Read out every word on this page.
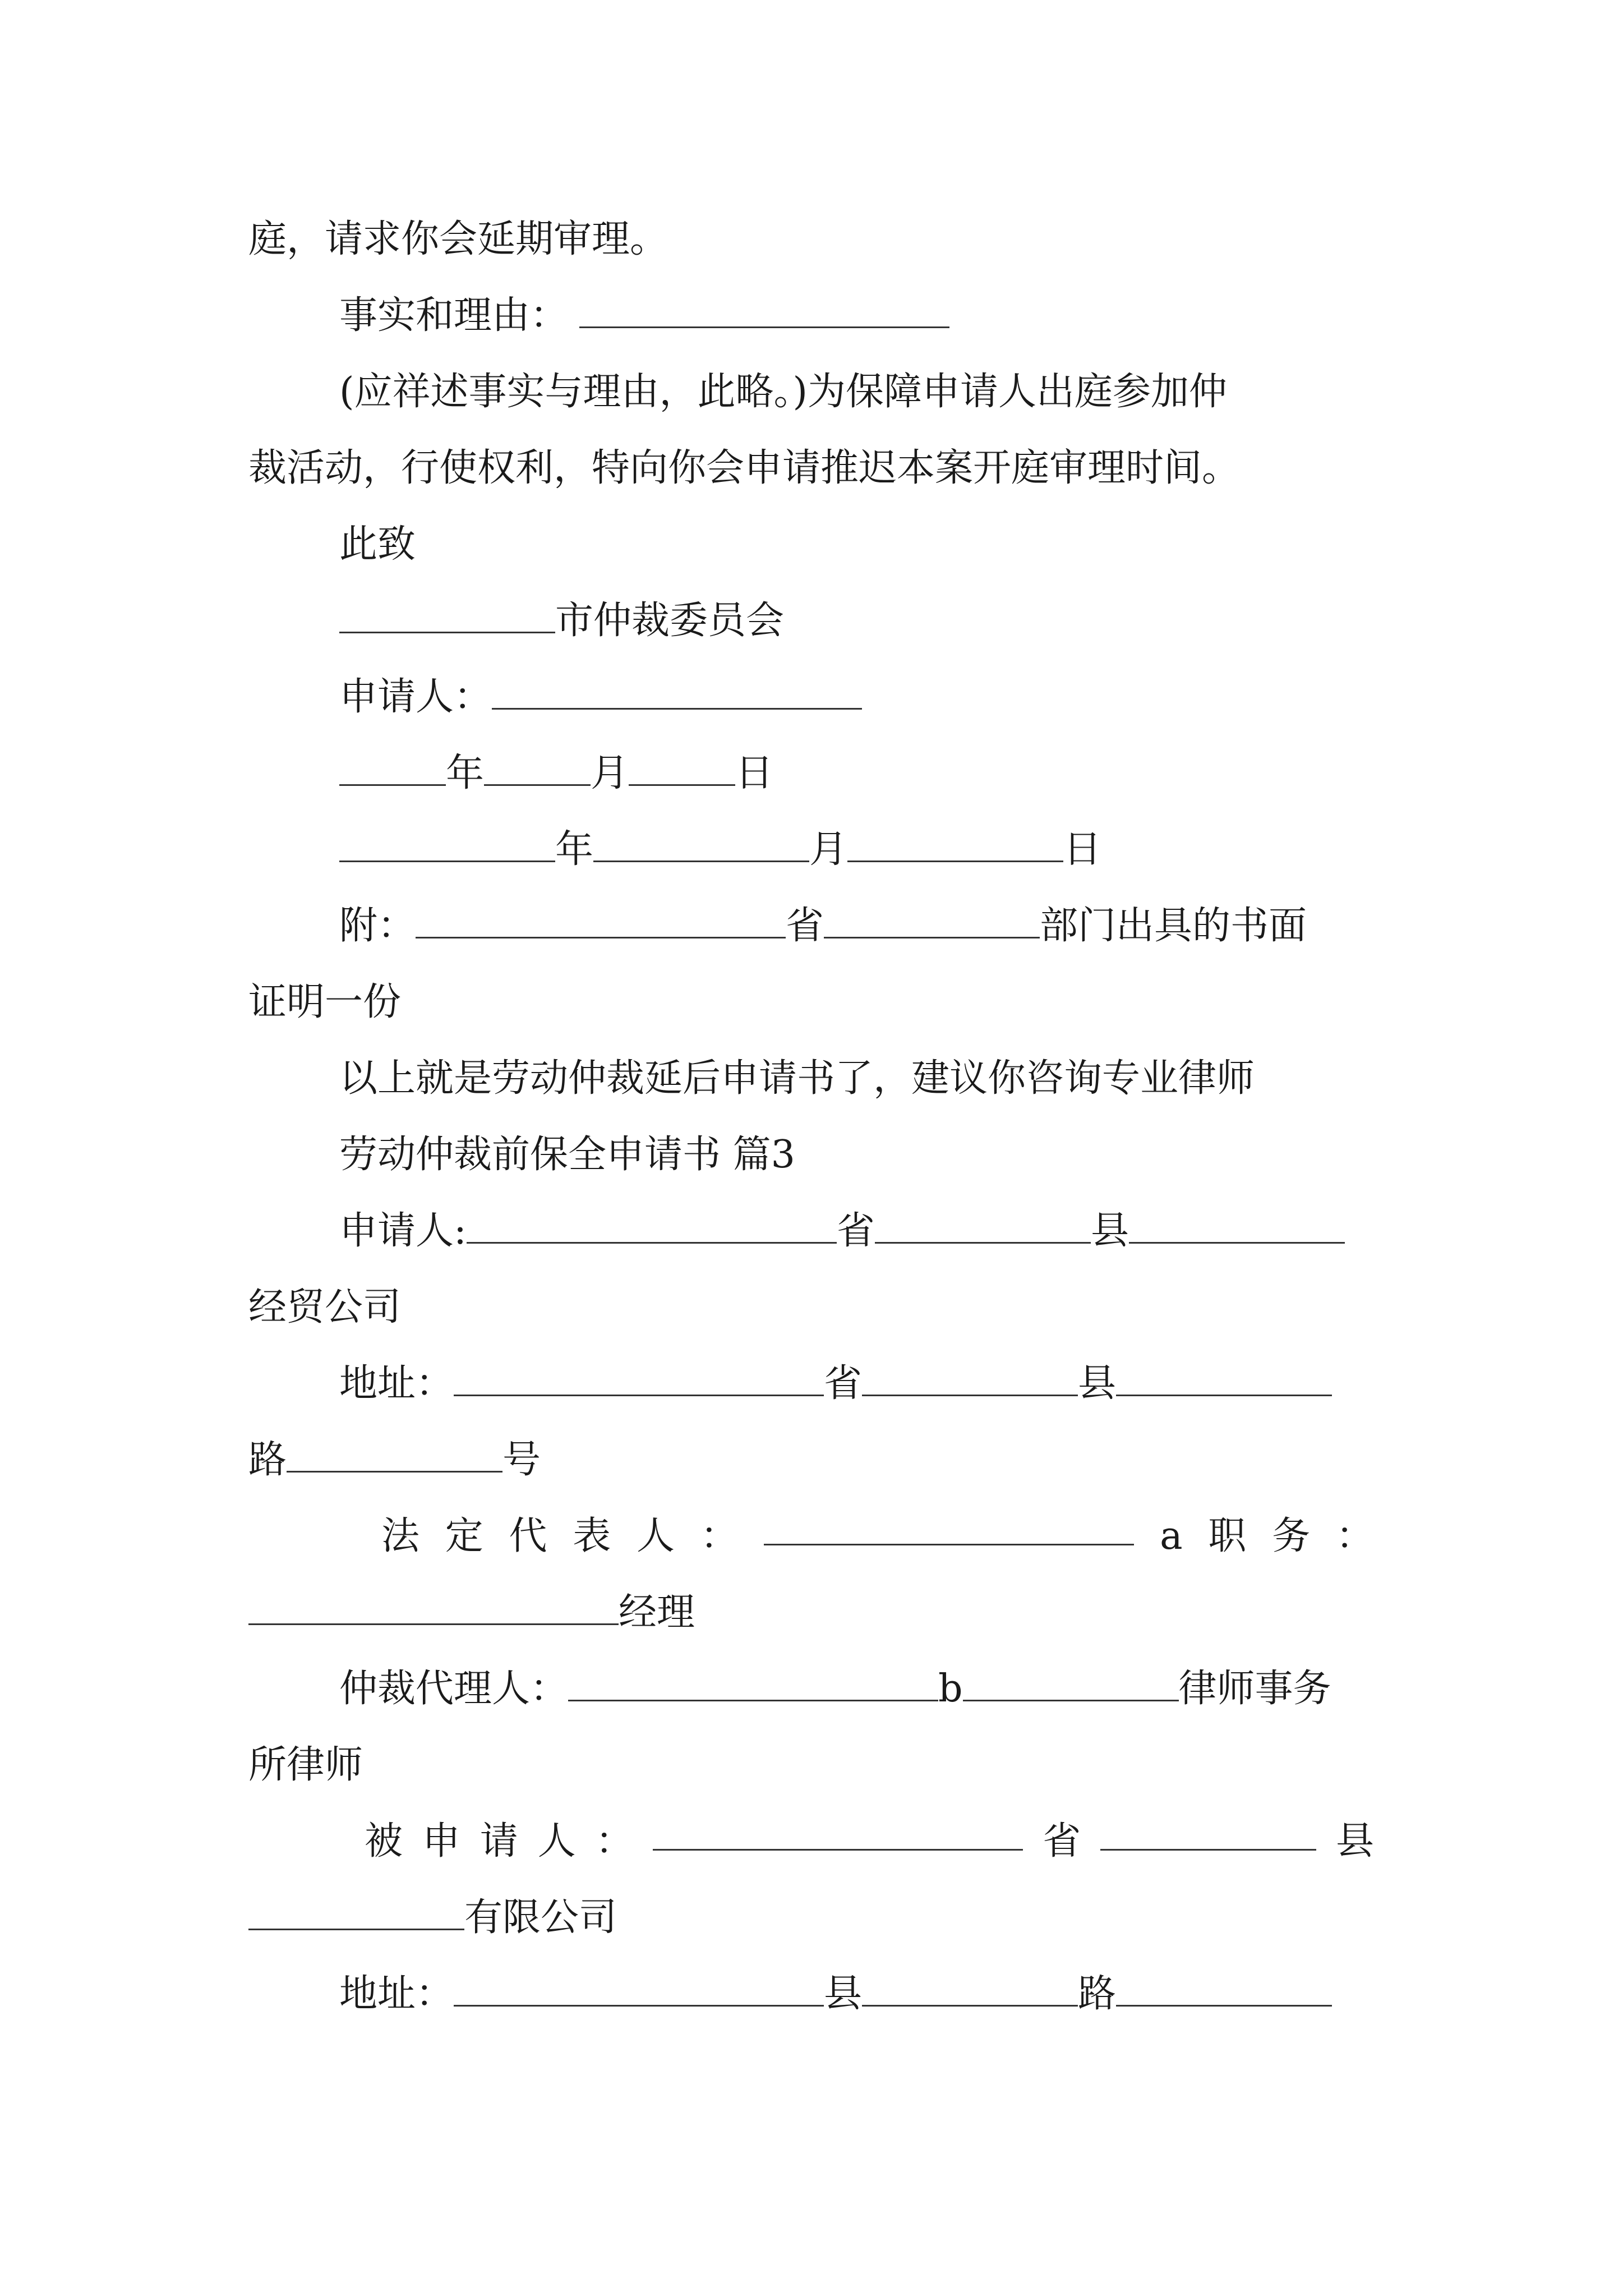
庭，请求你会延期审理。
事实和理由：
(应祥述事实与理由，此略。)为保障申请人出庭参加仲
裁活动，行使权利，特向你会申请推迟本案开庭审理时间。
此致
市仲裁委员会
申请人：
年	月	日
年	月	日
附：	省	部门出具的书面
证明一份
以上就是劳动仲裁延后申请书了，建议你咨询专业律师
劳动仲裁前保全申请书 篇3
申请人:	省	县
经贸公司
地址：	省	县
路	号
法 定 代 表 人 ：	a 职 务 ：
经理
仲裁代理人：	b	律师事务
所律师
被 申 请 人 ：	省	县
有限公司
地址：	县	路
